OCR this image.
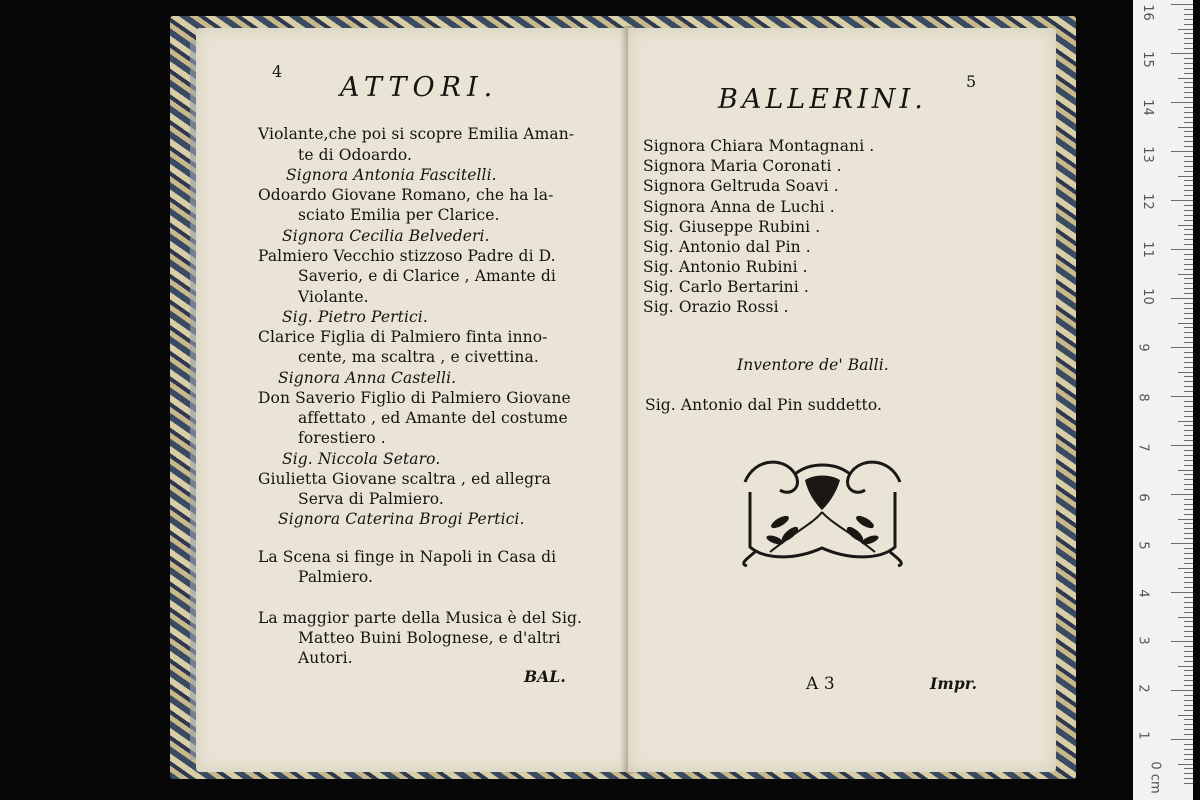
4
ATTORI.
Violante,che poi si scopre Emilia Aman-
te di Odoardo.
Signora Antonia Fascitelli.
Odoardo Giovane Romano, che ha la-
sciato Emilia per Clarice.
Signora Cecilia Belvederi.
Palmiero Vecchio stizzoso Padre di D.
Saverio, e di Clarice , Amante di
Violante.
Sig. Pietro Pertici.
Clarice Figlia di Palmiero finta inno-
cente, ma scaltra , e civettina.
Signora Anna Castelli.
Don Saverio Figlio di Palmiero Giovane
affettato , ed Amante del costume
forestiero .
Sig. Niccola Setaro.
Giulietta Giovane scaltra , ed allegra
Serva di Palmiero.
Signora Caterina Brogi Pertici.
La Scena si finge in Napoli in Casa di
Palmiero.
La maggior parte della Musica è del Sig.
Matteo Buini Bolognese, e d'altri
Autori.
BAL.
BALLERINI.
5
Signora Chiara Montagnani .
Signora Maria Coronati .
Signora Geltruda Soavi .
Signora Anna de Luchi .
Sig. Giuseppe Rubini .
Sig. Antonio dal Pin .
Sig. Antonio Rubini .
Sig. Carlo Bertarini .
Sig. Orazio Rossi .
Inventore de' Balli.
Sig. Antonio dal Pin suddetto.
A 3	Impr.
16
15
14
13
12
11
10
9
8
7
6
5
4
3
2
1
0 cm
